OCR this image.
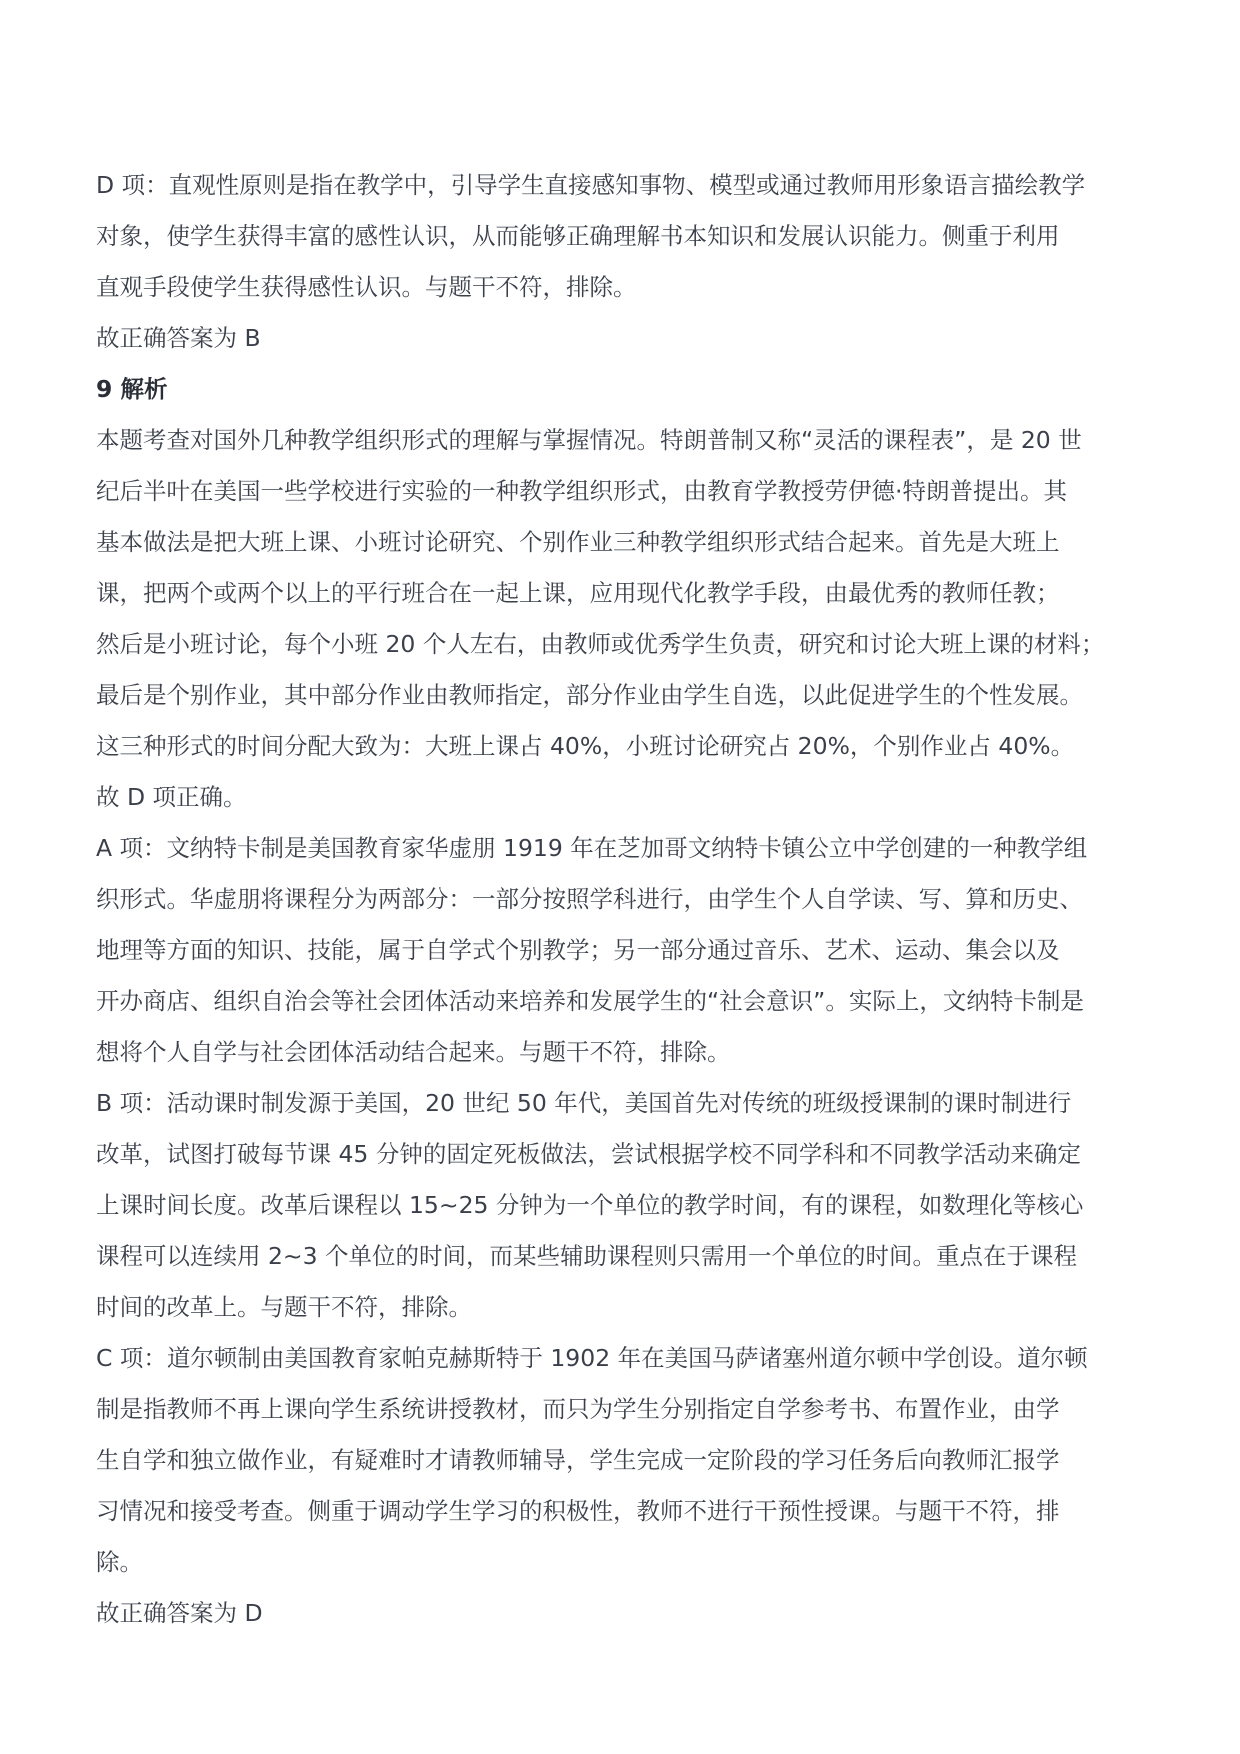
D 项：直观性原则是指在教学中，引导学生直接感知事物、模型或通过教师用形象语言描绘教学
对象，使学生获得丰富的感性认识，从而能够正确理解书本知识和发展认识能力。侧重于利用
直观手段使学生获得感性认识。与题干不符，排除。
故正确答案为 B
9 解析
本题考查对国外几种教学组织形式的理解与掌握情况。特朗普制又称“灵活的课程表”，是 20 世
纪后半叶在美国一些学校进行实验的一种教学组织形式，由教育学教授劳伊德·特朗普提出。其
基本做法是把大班上课、小班讨论研究、个别作业三种教学组织形式结合起来。首先是大班上
课，把两个或两个以上的平行班合在一起上课，应用现代化教学手段，由最优秀的教师任教；
然后是小班讨论，每个小班 20 个人左右，由教师或优秀学生负责，研究和讨论大班上课的材料；
最后是个别作业，其中部分作业由教师指定，部分作业由学生自选，以此促进学生的个性发展。
这三种形式的时间分配大致为：大班上课占 40%，小班讨论研究占 20%，个别作业占 40%。
故 D 项正确。
A 项：文纳特卡制是美国教育家华虚朋 1919 年在芝加哥文纳特卡镇公立中学创建的一种教学组
织形式。华虚朋将课程分为两部分：一部分按照学科进行，由学生个人自学读、写、算和历史、
地理等方面的知识、技能，属于自学式个别教学；另一部分通过音乐、艺术、运动、集会以及
开办商店、组织自治会等社会团体活动来培养和发展学生的“社会意识”。实际上，文纳特卡制是
想将个人自学与社会团体活动结合起来。与题干不符，排除。
B 项：活动课时制发源于美国，20 世纪 50 年代，美国首先对传统的班级授课制的课时制进行
改革，试图打破每节课 45 分钟的固定死板做法，尝试根据学校不同学科和不同教学活动来确定
上课时间长度。改革后课程以 15~25 分钟为一个单位的教学时间，有的课程，如数理化等核心
课程可以连续用 2~3 个单位的时间，而某些辅助课程则只需用一个单位的时间。重点在于课程
时间的改革上。与题干不符，排除。
C 项：道尔顿制由美国教育家帕克赫斯特于 1902 年在美国马萨诸塞州道尔顿中学创设。道尔顿
制是指教师不再上课向学生系统讲授教材，而只为学生分别指定自学参考书、布置作业，由学
生自学和独立做作业，有疑难时才请教师辅导，学生完成一定阶段的学习任务后向教师汇报学
习情况和接受考查。侧重于调动学生学习的积极性，教师不进行干预性授课。与题干不符，排
除。
故正确答案为 D
